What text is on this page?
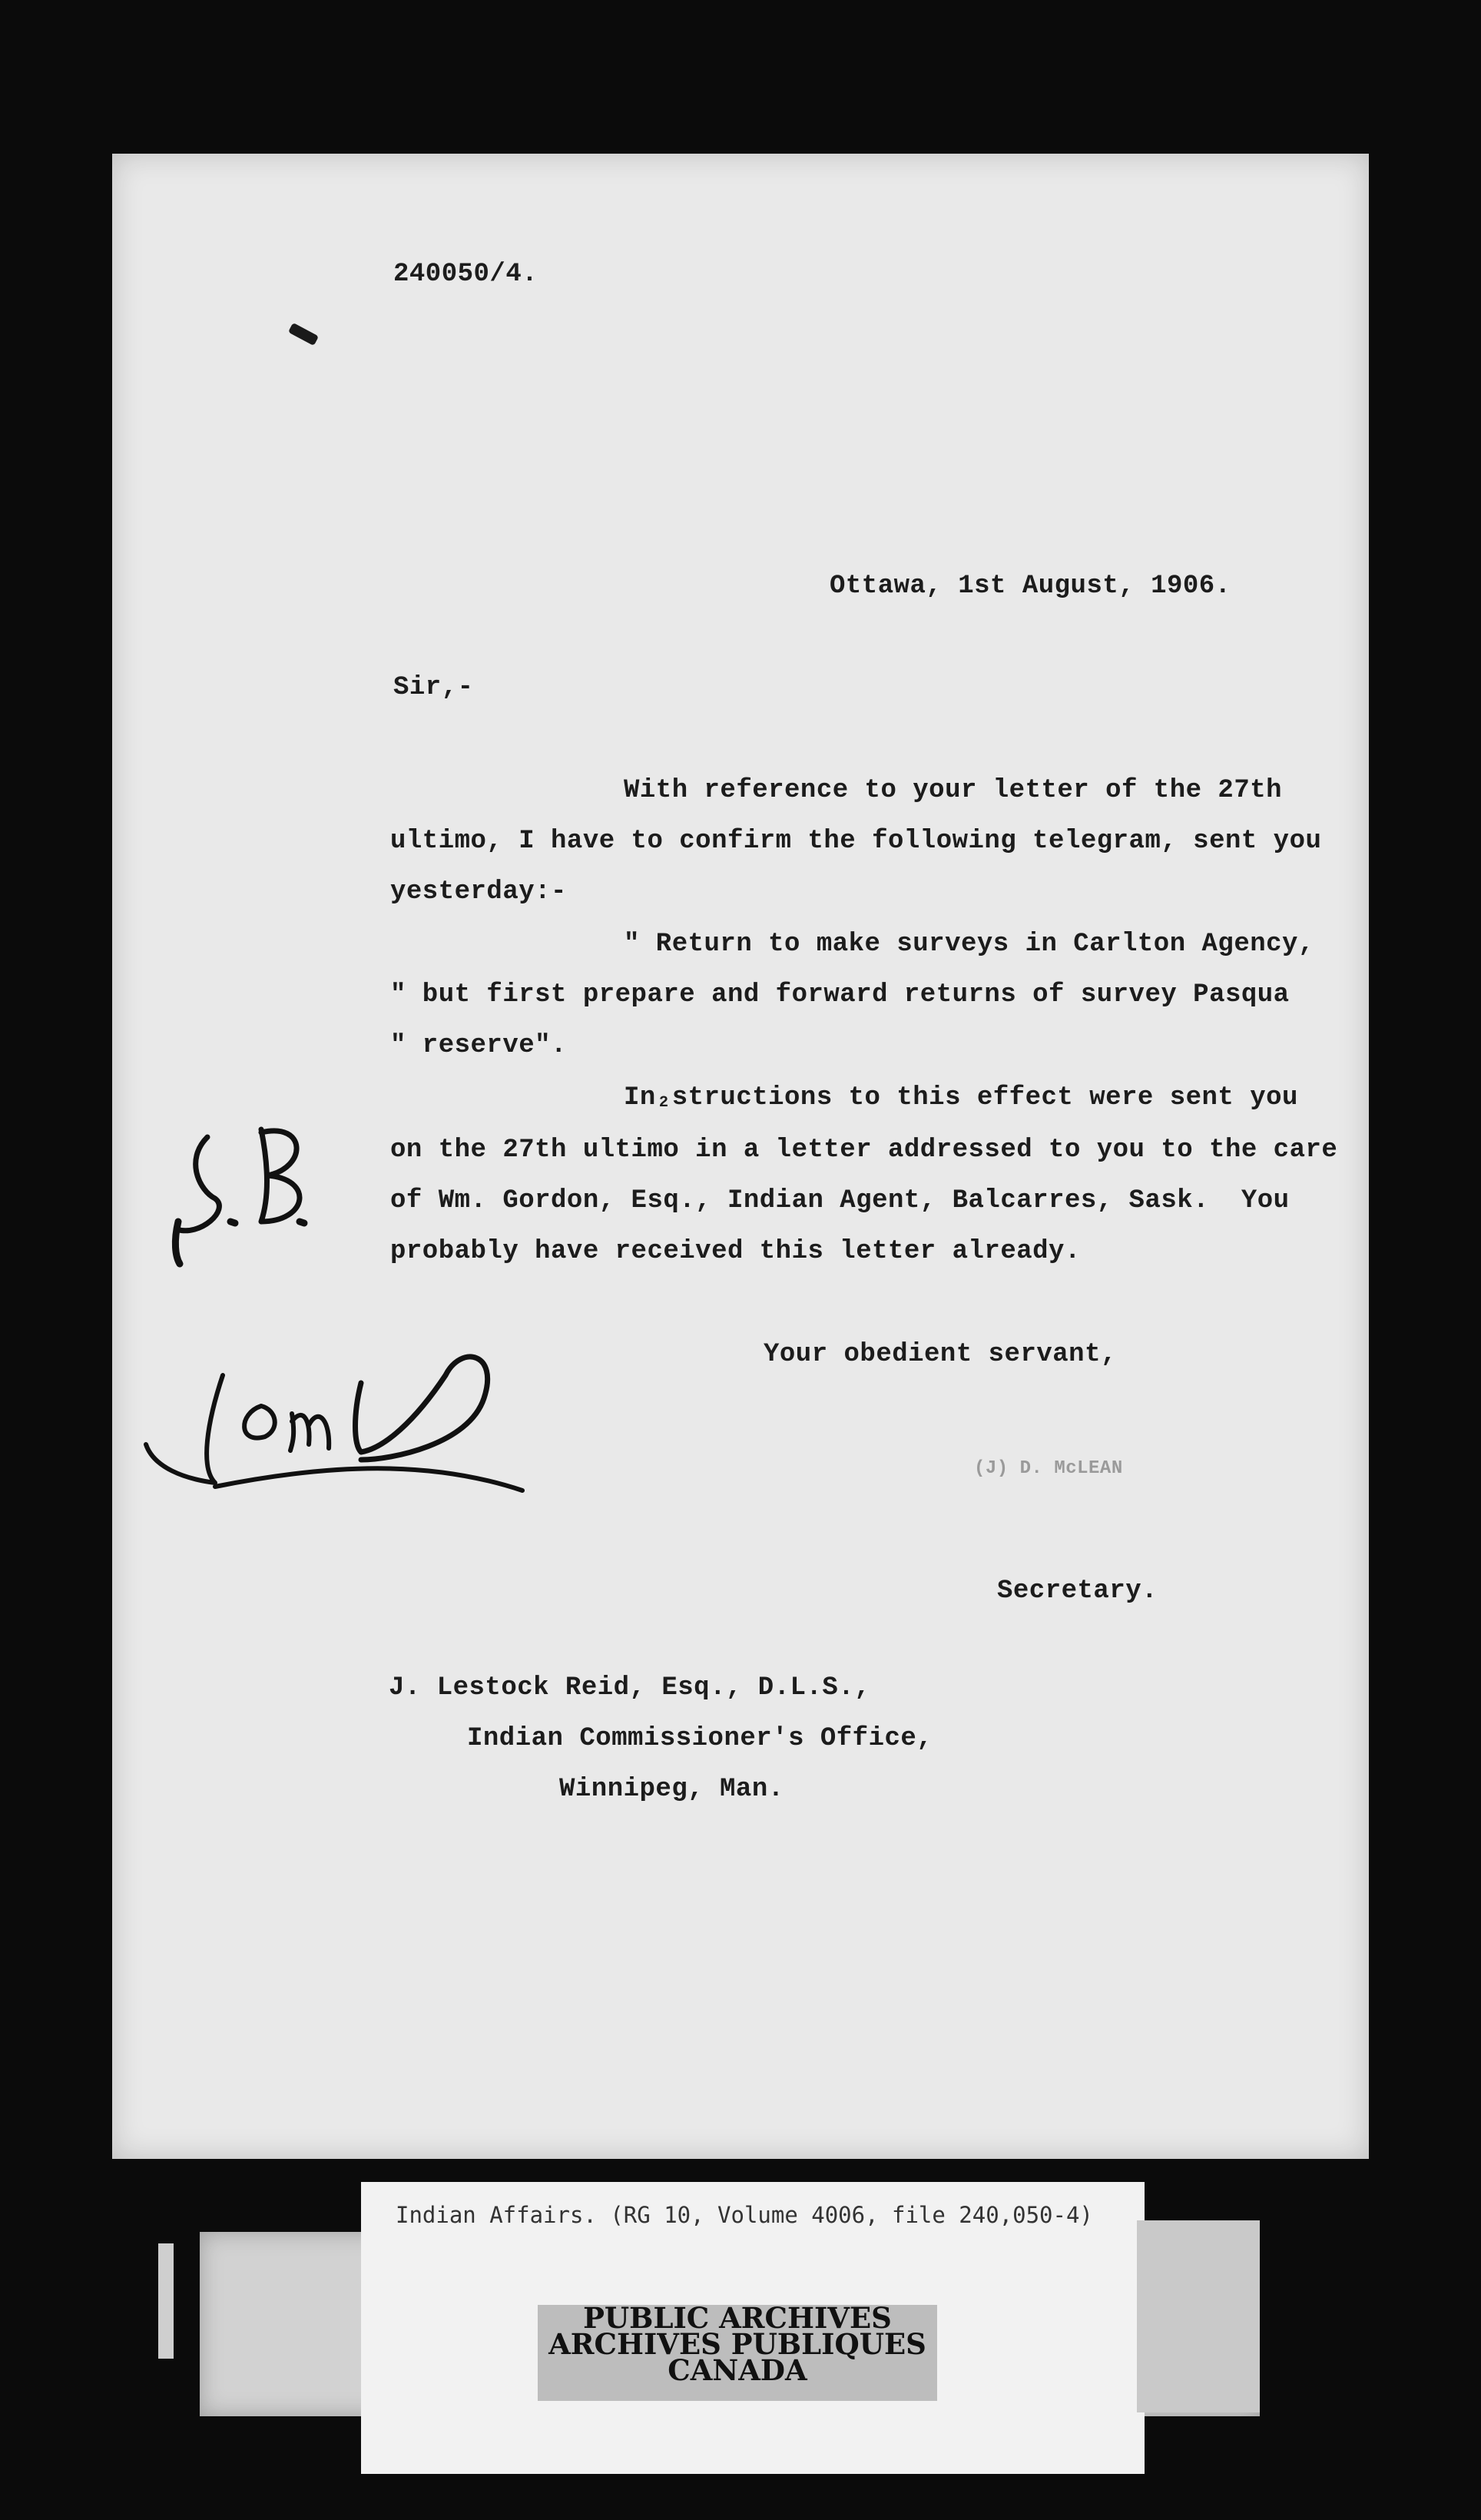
240050/4.
Ottawa, 1st August, 1906.
Sir,-
With reference to your letter of the 27th
ultimo, I have to confirm the following telegram, sent you
yesterday:-
" Return to make surveys in Carlton Agency,
" but first prepare and forward returns of survey Pasqua
" reserve".
In₂structions to this effect were sent you
on the 27th ultimo in a letter addressed to you to the care
of Wm. Gordon, Esq., Indian Agent, Balcarres, Sask.  You
probably have received this letter already.
Your obedient servant,
(J) D. McLEAN
Secretary.
J. Lestock Reid, Esq., D.L.S.,
Indian Commissioner's Office,
Winnipeg, Man.
Indian Affairs. (RG 10, Volume 4006, file 240,050-4)
PUBLIC ARCHIVES
ARCHIVES PUBLIQUES
CANADA
